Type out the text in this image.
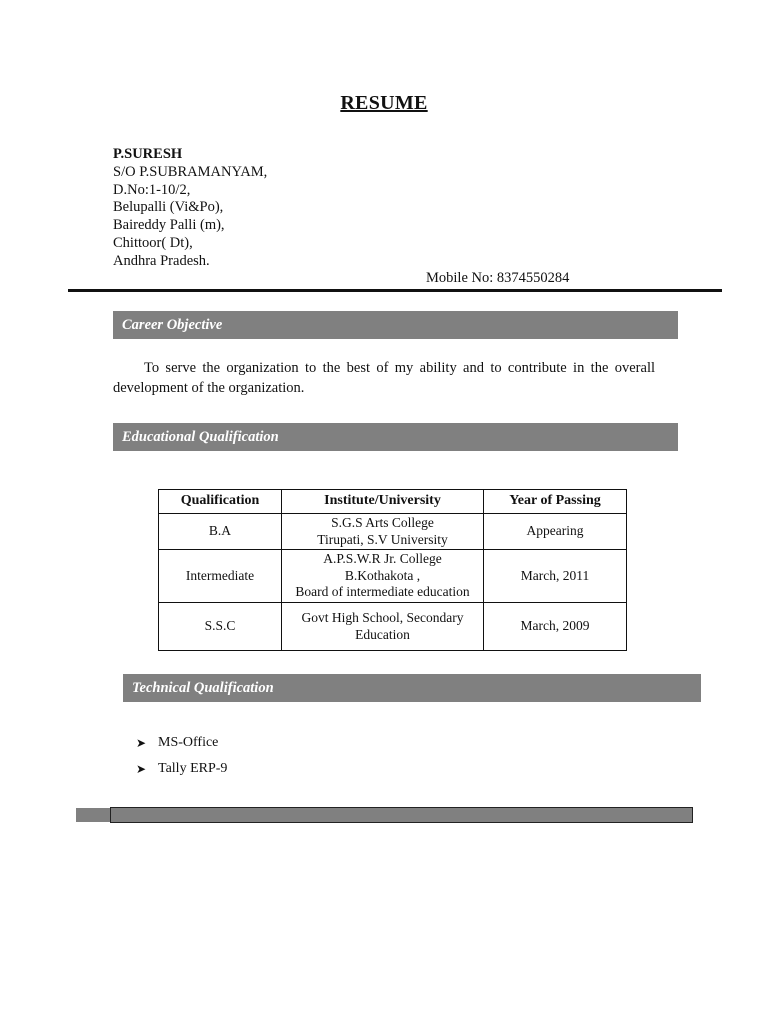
RESUME
P.SURESH
S/O P.SUBRAMANYAM,
D.No:1-10/2,
Belupalli (Vi&Po),
Baireddy Palli (m),
Chittoor( Dt),
Andhra Pradesh.
Mobile No: 8374550284
Career Objective
To serve the organization to the best of my ability and to contribute in the overall development of the organization.
Educational Qualification
Qualification	Institute/University	Year of Passing
B.A	S.G.S Arts College
Tirupati, S.V University	Appearing
Intermediate	A.P.S.W.R Jr. College
B.Kothakota ,
Board of intermediate education	March, 2011
S.S.C	Govt High School, Secondary
Education	March, 2009
Technical Qualification
➤ MS-Office
➤ Tally ERP-9
